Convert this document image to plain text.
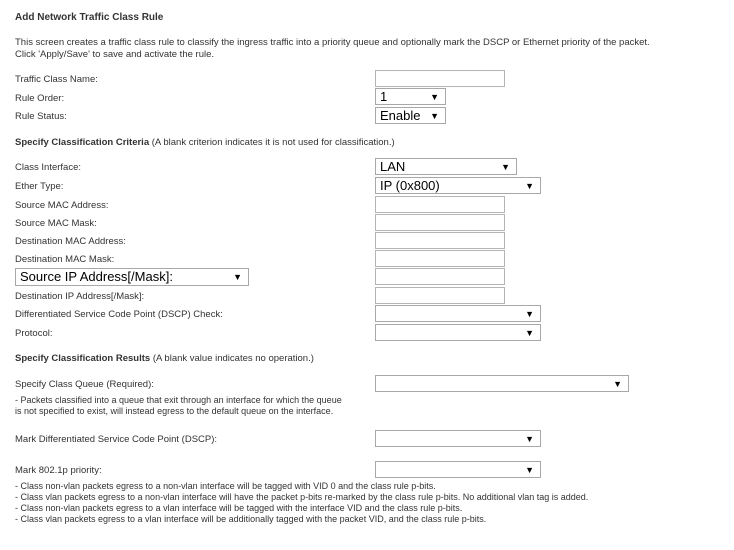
Add Network Traffic Class Rule
This screen creates a traffic class rule to classify the ingress traffic into a priority queue and optionally mark the DSCP or Ethernet priority of the packet.
Click 'Apply/Save' to save and activate the rule.
Traffic Class Name:
Rule Order:	1	▼
Rule Status:	Enable ▼
Specify Classification Criteria (A blank criterion indicates it is not used for classification.)
Class Interface:	LAN	▼
Ether Type:	IP (0x800)	▼
Source MAC Address:
Source MAC Mask:
Destination MAC Address:
Destination MAC Mask:
Source IP Address[/Mask]:	▼
Destination IP Address[/Mask]:
Differentiated Service Code Point (DSCP) Check:	▼
Protocol:	▼
Specify Classification Results (A blank value indicates no operation.)
Specify Class Queue (Required):	▼
- Packets classified into a queue that exit through an interface for which the queue
is not specified to exist, will instead egress to the default queue on the interface.
Mark Differentiated Service Code Point (DSCP):	▼
Mark 802.1p priority:	▼
- Class non-vlan packets egress to a non-vlan interface will be tagged with VID 0 and the class rule p-bits.
- Class vlan packets egress to a non-vlan interface will have the packet p-bits re-marked by the class rule p-bits. No additional vlan tag is added.
- Class non-vlan packets egress to a vlan interface will be tagged with the interface VID and the class rule p-bits.
- Class vlan packets egress to a vlan interface will be additionally tagged with the packet VID, and the class rule p-bits.
